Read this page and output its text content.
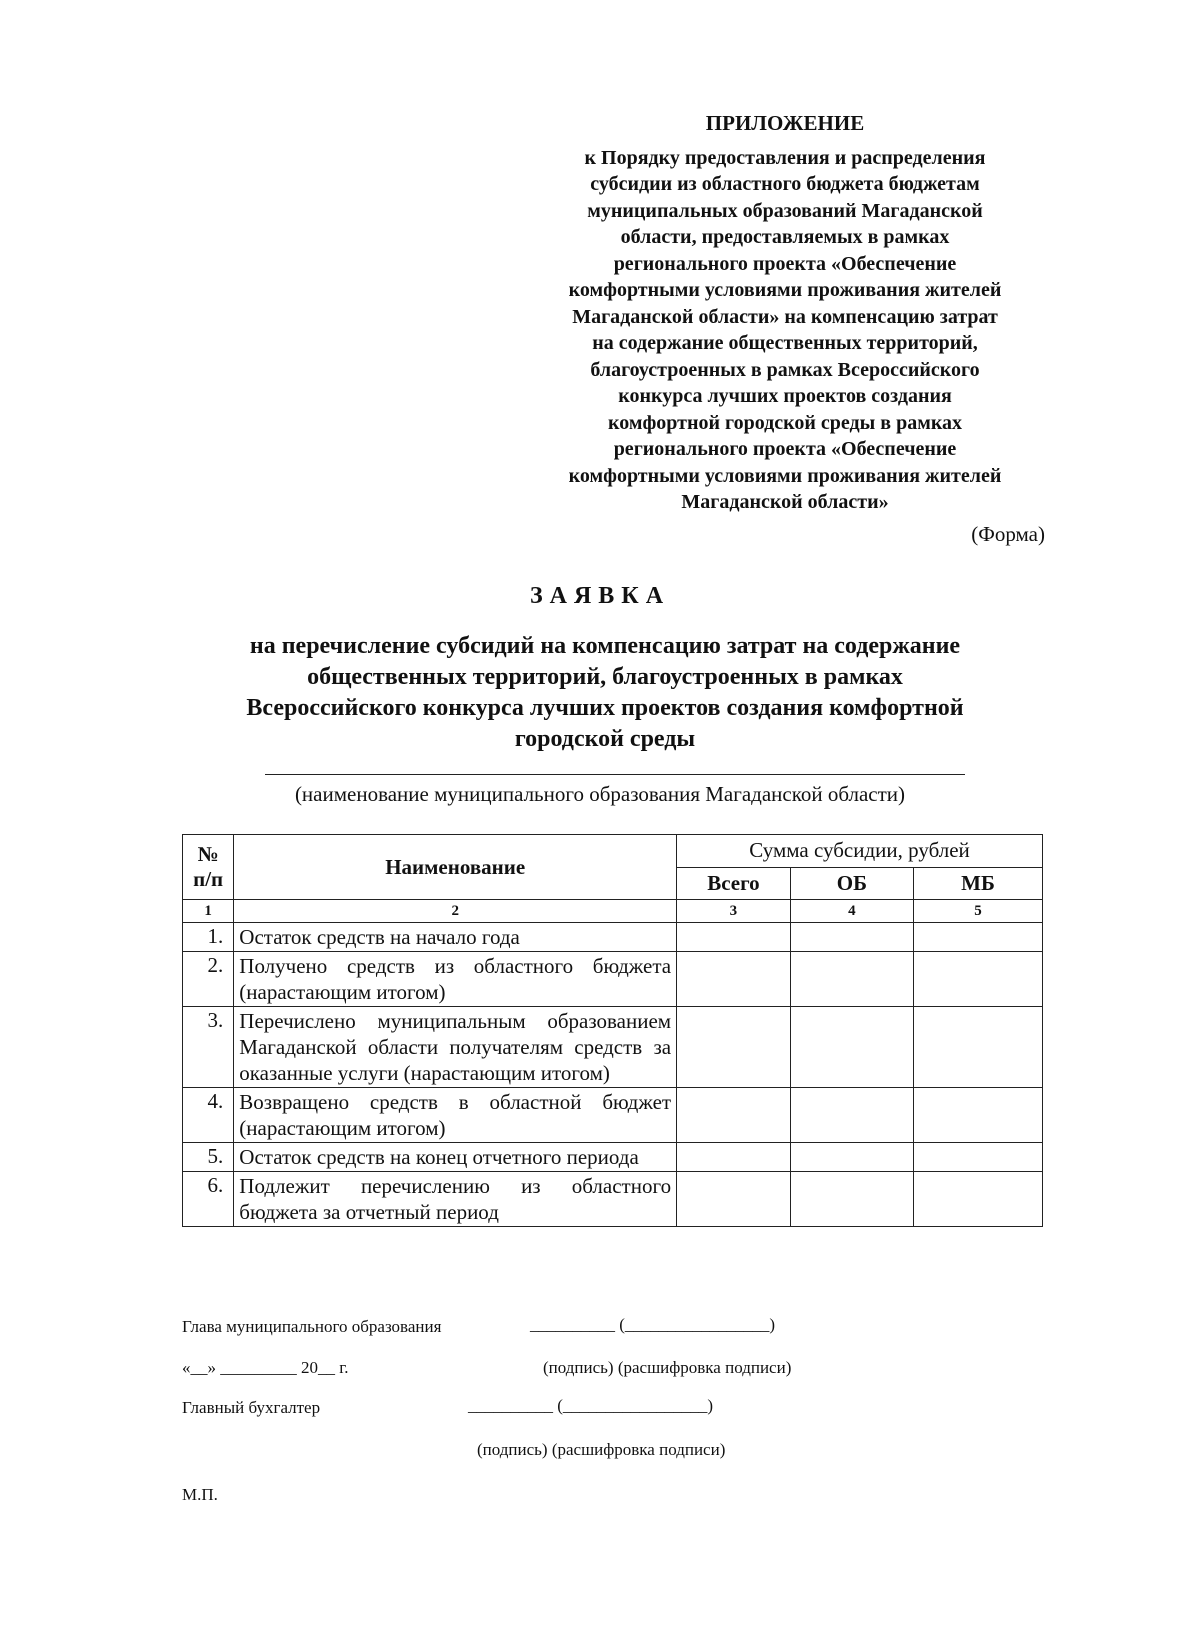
ПРИЛОЖЕНИЕ
к Порядку предоставления и распределения
субсидии из областного бюджета бюджетам
муниципальных образований Магаданской
области, предоставляемых в рамках
регионального проекта «Обеспечение
комфортными условиями проживания жителей
Магаданской области» на компенсацию затрат
на содержание общественных территорий,
благоустроенных в рамках Всероссийского
конкурса лучших проектов создания
комфортной городской среды в рамках
регионального проекта «Обеспечение
комфортными условиями проживания жителей
Магаданской области»
(Форма)
ЗАЯВКА
на перечисление субсидий на компенсацию затрат на содержание
общественных территорий, благоустроенных в рамках
Всероссийского конкурса лучших проектов создания комфортной
городской среды
(наименование муниципального образования Магаданской области)
№ п/п	Наименование	Сумма субсидии, рублей		
		Всего	ОБ	МБ
1	2	3	4	5
1.	Остаток средств на начало года			
2.	Получено средств из областного бюджета (нарастающим итогом)			
3.	Перечислено муниципальным образованием Магаданской области получателям средств за оказанные услуги (нарастающим итогом)			
4.	Возвращено средств в областной бюджет (нарастающим итогом)			
5.	Остаток средств на конец отчетного периода			
6.	Подлежит перечислению из областного бюджета за отчетный период			
Глава муниципального образования	__________ (_________________)
«__» _________ 20__ г.	(подпись) (расшифровка подписи)
Главный бухгалтер	__________ (_________________)
(подпись) (расшифровка подписи)
М.П.
